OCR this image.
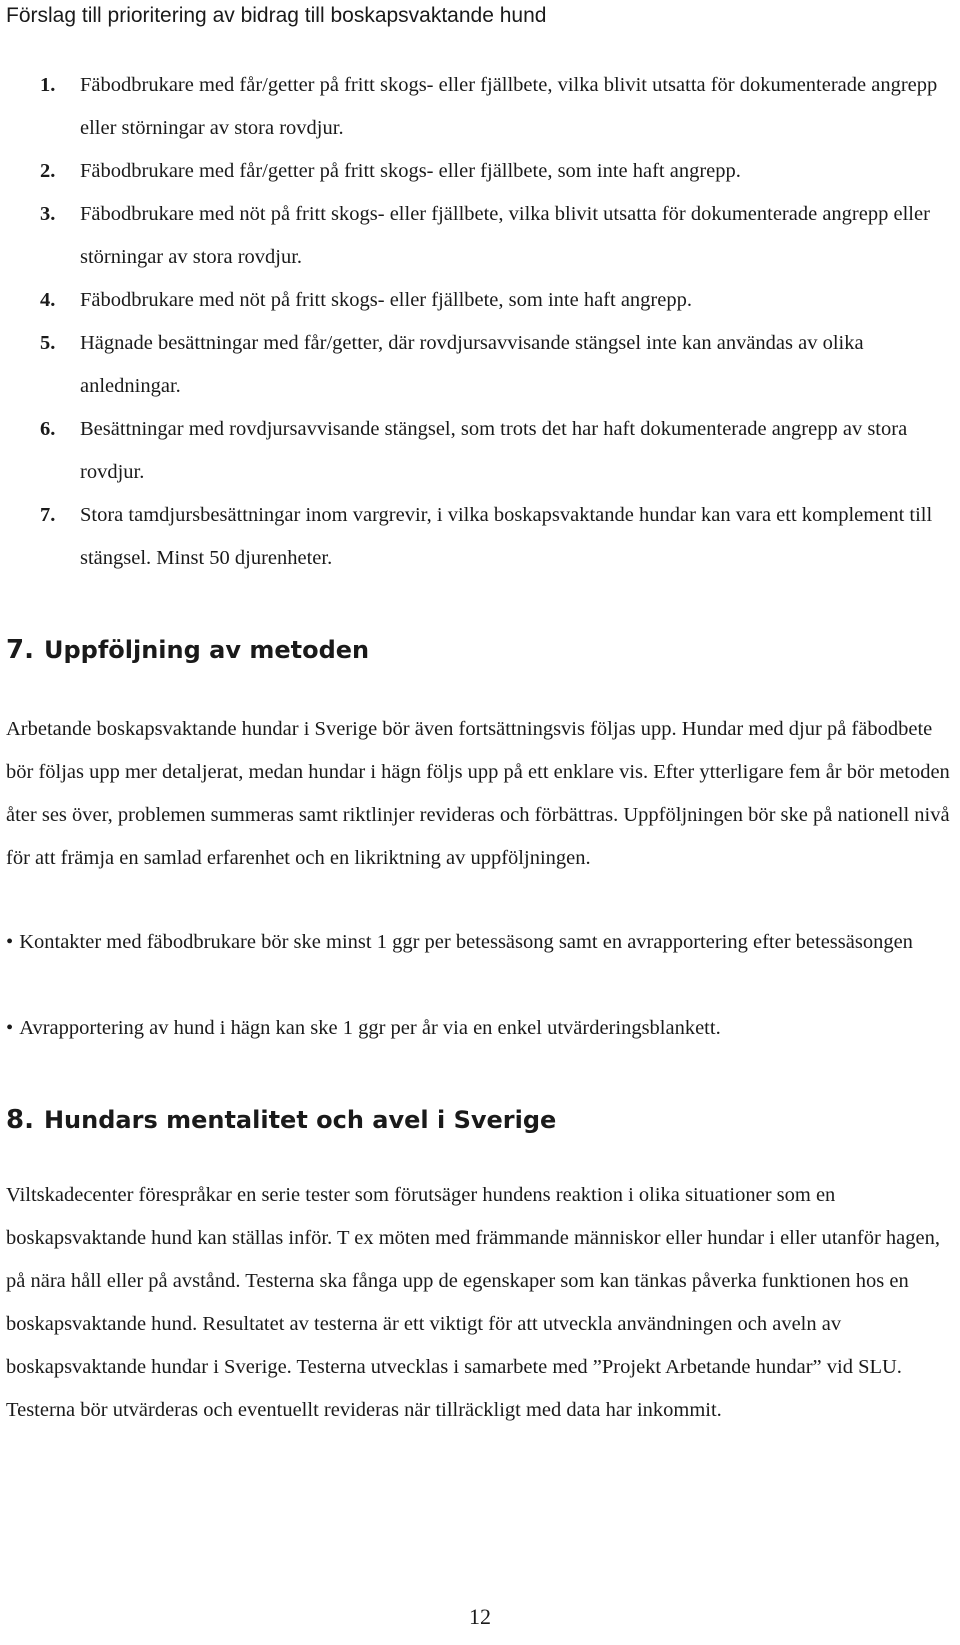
Förslag till prioritering av bidrag till boskapsvaktande hund
1.	Fäbodbrukare med får/getter på fritt skogs- eller fjällbete, vilka blivit utsatta för dokumenterade angrepp eller störningar av stora rovdjur.
2.	Fäbodbrukare med får/getter på fritt skogs- eller fjällbete, som inte haft angrepp.
3.	Fäbodbrukare med nöt på fritt skogs- eller fjällbete, vilka blivit utsatta för dokumenterade angrepp eller störningar av stora rovdjur.
4.	Fäbodbrukare med nöt på fritt skogs- eller fjällbete, som inte haft angrepp.
5.	Hägnade besättningar med får/getter, där rovdjursavvisande stängsel inte kan användas av olika anledningar.
6.	Besättningar med rovdjursavvisande stängsel, som trots det har haft dokumenterade angrepp av stora rovdjur.
7.	Stora tamdjursbesättningar inom vargrevir, i vilka boskapsvaktande hundar kan vara ett komplement till stängsel. Minst 50 djurenheter.
7. Uppföljning av metoden

Arbetande boskapsvaktande hundar i Sverige bör även fortsättningsvis följas upp. Hundar med djur på fäbodbete bör följas upp mer detaljerat, medan hundar i hägn följs upp på ett enklare vis. Efter ytterligare fem år bör metoden åter ses över, problemen summeras samt riktlinjer revideras och förbättras. Uppföljningen bör ske på nationell nivå för att främja en samlad erfarenhet och en likriktning av uppföljningen.

• Kontakter med fäbodbrukare bör ske minst 1 ggr per betessäsong samt en avrapportering efter betessäsongen

• Avrapportering av hund i hägn kan ske 1 ggr per år via en enkel utvärderingsblankett.

8. Hundars mentalitet och avel i Sverige

Viltskadecenter förespråkar en serie tester som förutsäger hundens reaktion i olika situationer som en boskapsvaktande hund kan ställas inför. T ex möten med främmande människor eller hundar i eller utanför hagen, på nära håll eller på avstånd. Testerna ska fånga upp de egenskaper som kan tänkas påverka funktionen hos en boskapsvaktande hund. Resultatet av testerna är ett viktigt för att utveckla användningen och aveln av boskapsvaktande hundar i Sverige. Testerna utvecklas i samarbete med ”Projekt Arbetande hundar” vid SLU. Testerna bör utvärderas och eventuellt revideras när tillräckligt med data har inkommit.

12
